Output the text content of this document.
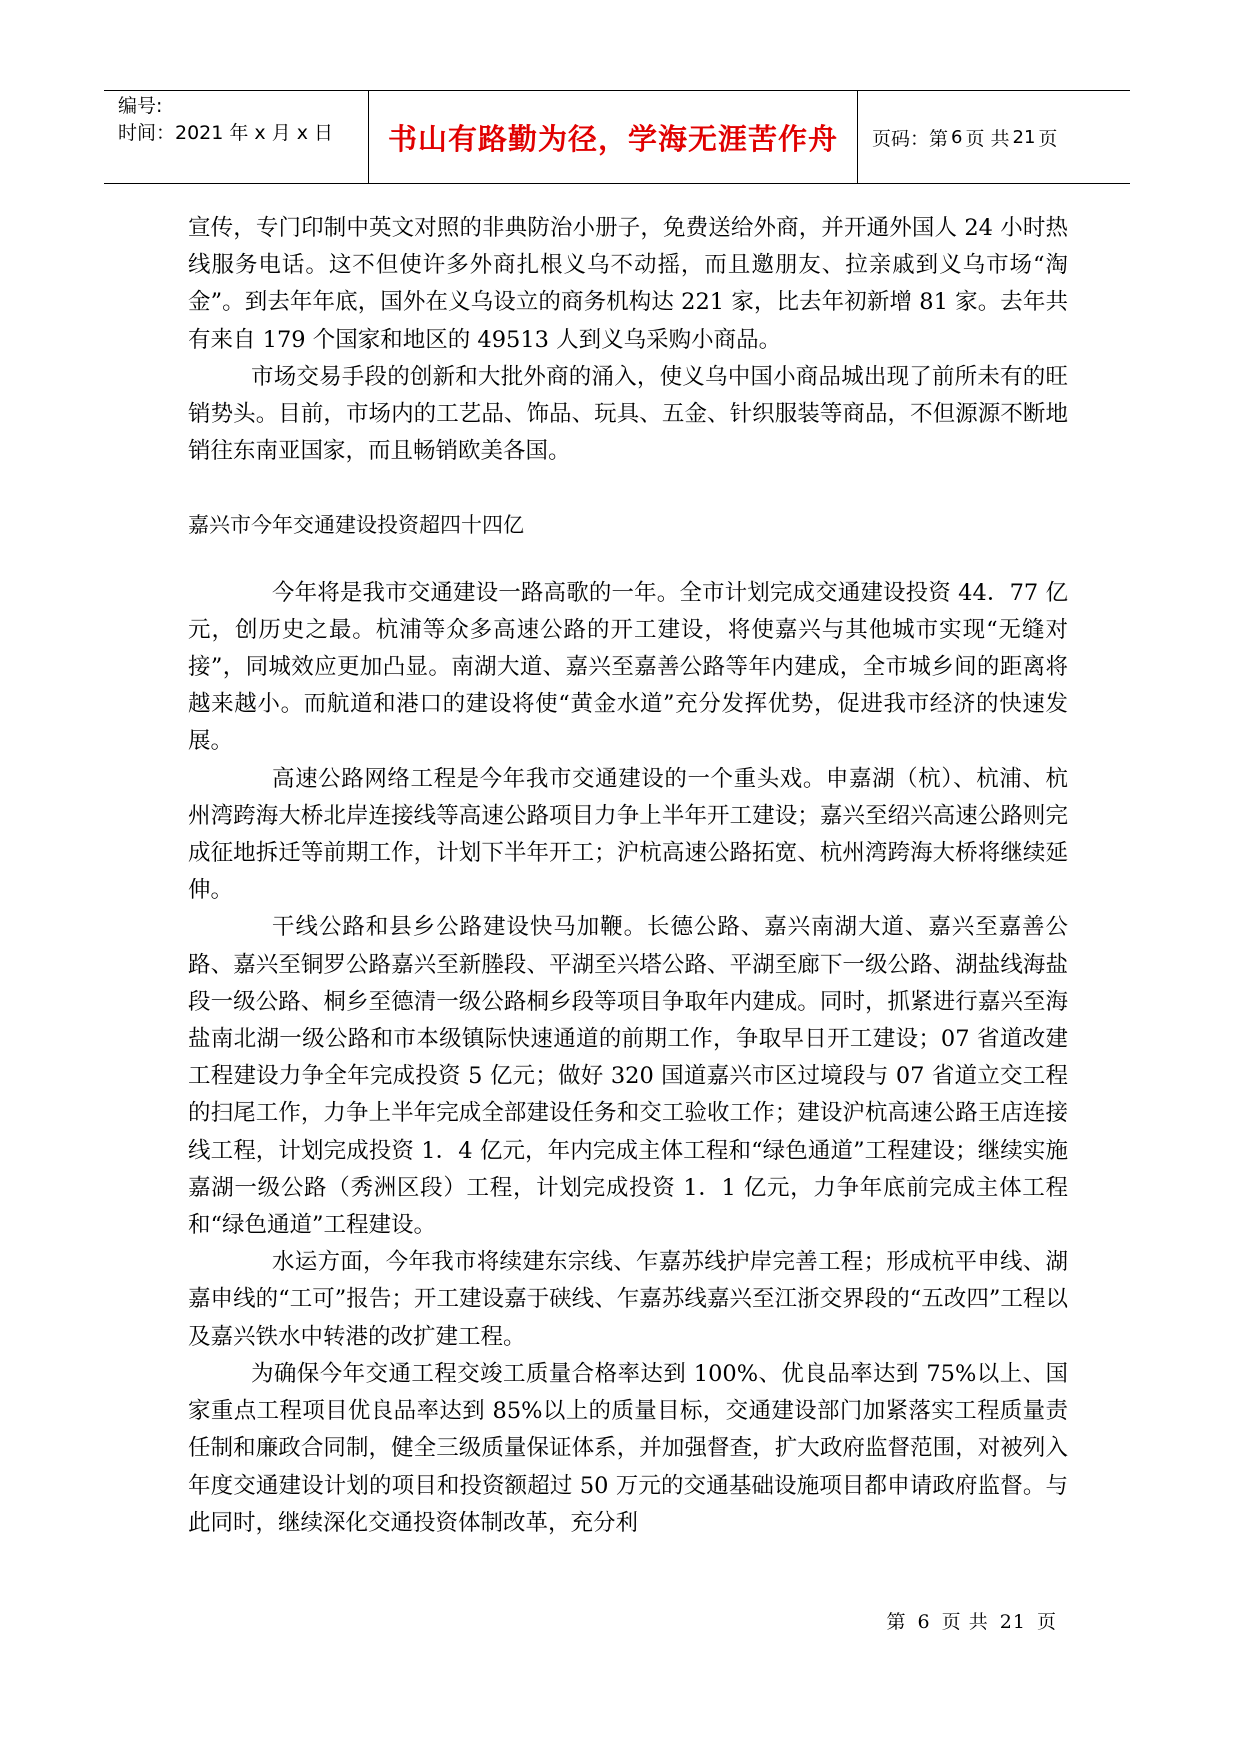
编号:
时间：2021 年 x 月 x 日	书山有路勤为径，学海无涯苦作舟	页码：第 6 页 共 21 页

宣传，专门印制中英文对照的非典防治小册子，免费送给外商，并开通外国人 24 小时热线服务电话。这不但使许多外商扎根义乌不动摇，而且邀朋友、拉亲戚到义乌市场“淘金”。到去年年底，国外在义乌设立的商务机构达 221 家，比去年初新增 81 家。去年共有来自 179 个国家和地区的 49513 人到义乌采购小商品。

市场交易手段的创新和大批外商的涌入，使义乌中国小商品城出现了前所未有的旺销势头。目前，市场内的工艺品、饰品、玩具、五金、针织服装等商品，不但源源不断地销往东南亚国家，而且畅销欧美各国。

嘉兴市今年交通建设投资超四十四亿

今年将是我市交通建设一路高歌的一年。全市计划完成交通建设投资 44．77 亿元，创历史之最。杭浦等众多高速公路的开工建设，将使嘉兴与其他城市实现“无缝对接”，同城效应更加凸显。南湖大道、嘉兴至嘉善公路等年内建成，全市城乡间的距离将越来越小。而航道和港口的建设将使“黄金水道”充分发挥优势，促进我市经济的快速发展。

高速公路网络工程是今年我市交通建设的一个重头戏。申嘉湖（杭）、杭浦、杭州湾跨海大桥北岸连接线等高速公路项目力争上半年开工建设；嘉兴至绍兴高速公路则完成征地拆迁等前期工作，计划下半年开工；沪杭高速公路拓宽、杭州湾跨海大桥将继续延伸。

干线公路和县乡公路建设快马加鞭。长德公路、嘉兴南湖大道、嘉兴至嘉善公路、嘉兴至铜罗公路嘉兴至新塍段、平湖至兴塔公路、平湖至廊下一级公路、湖盐线海盐段一级公路、桐乡至德清一级公路桐乡段等项目争取年内建成。同时，抓紧进行嘉兴至海盐南北湖一级公路和市本级镇际快速通道的前期工作，争取早日开工建设；07 省道改建工程建设力争全年完成投资 5 亿元；做好 320 国道嘉兴市区过境段与 07 省道立交工程的扫尾工作，力争上半年完成全部建设任务和交工验收工作；建设沪杭高速公路王店连接线工程，计划完成投资 1．4 亿元，年内完成主体工程和“绿色通道”工程建设；继续实施嘉湖一级公路（秀洲区段）工程，计划完成投资 1．1 亿元，力争年底前完成主体工程和“绿色通道”工程建设。

水运方面，今年我市将续建东宗线、乍嘉苏线护岸完善工程；形成杭平申线、湖嘉申线的“工可”报告；开工建设嘉于硖线、乍嘉苏线嘉兴至江浙交界段的“五改四”工程以及嘉兴铁水中转港的改扩建工程。

为确保今年交通工程交竣工质量合格率达到 100%、优良品率达到 75%以上、国家重点工程项目优良品率达到 85%以上的质量目标，交通建设部门加紧落实工程质量责任制和廉政合同制，健全三级质量保证体系，并加强督查，扩大政府监督范围，对被列入年度交通建设计划的项目和投资额超过 50 万元的交通基础设施项目都申请政府监督。与此同时，继续深化交通投资体制改革，充分利

第 6 页 共 21 页
